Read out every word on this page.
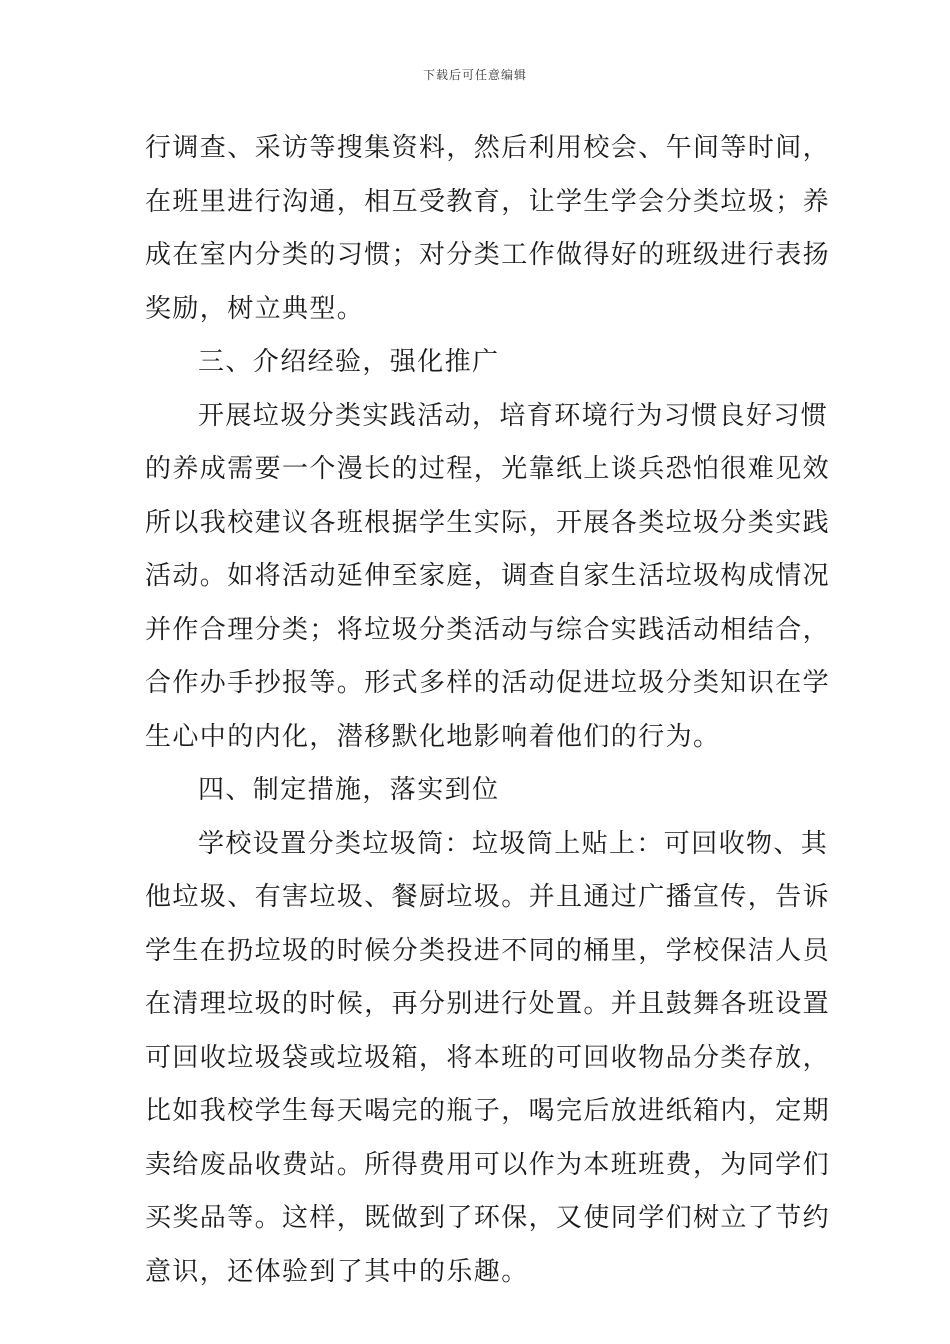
下载后可任意编辑
行调查、采访等搜集资料，然后利用校会、午间等时间，
在班里进行沟通，相互受教育，让学生学会分类垃圾；养
成在室内分类的习惯；对分类工作做得好的班级进行表扬
奖励，树立典型。
三、介绍经验，强化推广
开展垃圾分类实践活动，培育环境行为习惯良好习惯
的养成需要一个漫长的过程，光靠纸上谈兵恐怕很难见效
所以我校建议各班根据学生实际，开展各类垃圾分类实践
活动。如将活动延伸至家庭，调查自家生活垃圾构成情况
并作合理分类；将垃圾分类活动与综合实践活动相结合，
合作办手抄报等。形式多样的活动促进垃圾分类知识在学
生心中的内化，潜移默化地影响着他们的行为。
四、制定措施，落实到位
学校设置分类垃圾筒：垃圾筒上贴上：可回收物、其
他垃圾、有害垃圾、餐厨垃圾。并且通过广播宣传，告诉
学生在扔垃圾的时候分类投进不同的桶里，学校保洁人员
在清理垃圾的时候，再分别进行处置。并且鼓舞各班设置
可回收垃圾袋或垃圾箱，将本班的可回收物品分类存放，
比如我校学生每天喝完的瓶子，喝完后放进纸箱内，定期
卖给废品收费站。所得费用可以作为本班班费，为同学们
买奖品等。这样，既做到了环保，又使同学们树立了节约
意识，还体验到了其中的乐趣。
